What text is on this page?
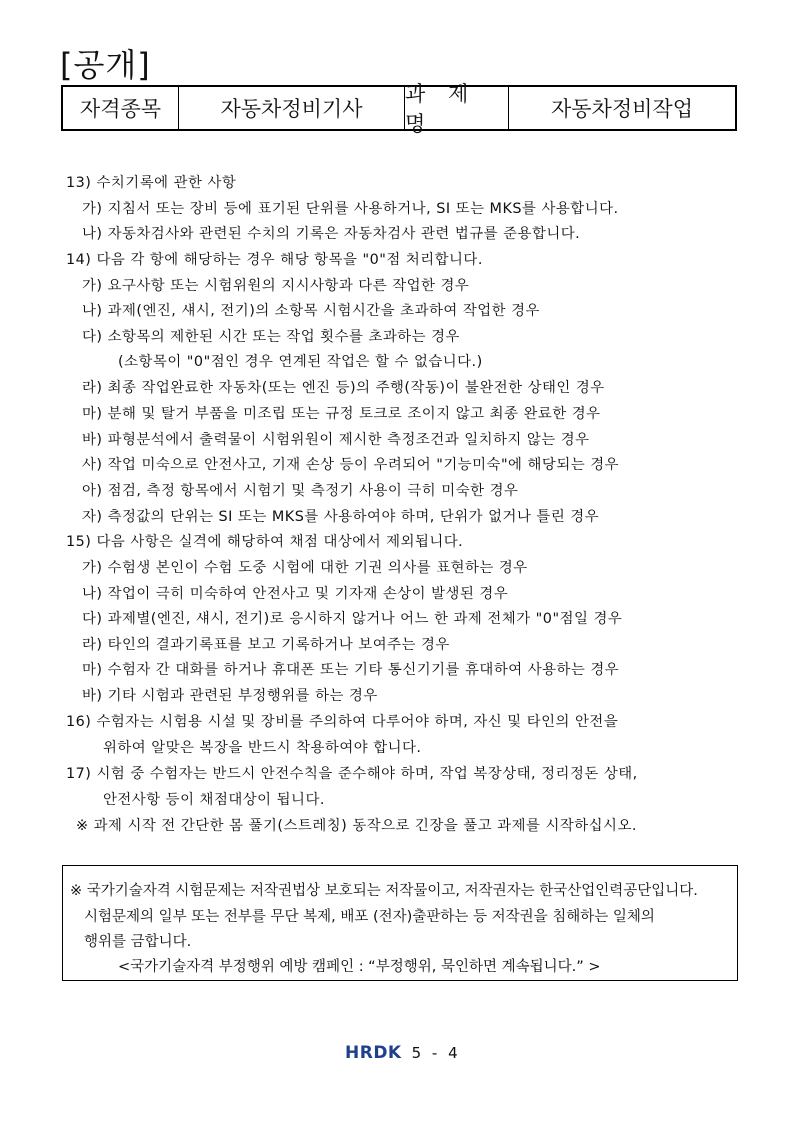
[공개]
자격종목	자동차정비기사
과 제 명
자동차정비작업
13) 수치기록에 관한 사항
가) 지침서 또는 장비 등에 표기된 단위를 사용하거나, SI 또는 MKS를 사용합니다.
나) 자동차검사와 관련된 수치의 기록은 자동차검사 관련 법규를 준용합니다.
14) 다음 각 항에 해당하는 경우 해당 항목을 "0"점 처리합니다.
가) 요구사항 또는 시험위원의 지시사항과 다른 작업한 경우
나) 과제(엔진, 섀시, 전기)의 소항목 시험시간을 초과하여 작업한 경우
다) 소항목의 제한된 시간 또는 작업 횟수를 초과하는 경우
(소항목이 "0"점인 경우 연계된 작업은 할 수 없습니다.)
라) 최종 작업완료한 자동차(또는 엔진 등)의 주행(작동)이 불완전한 상태인 경우
마) 분해 및 탈거 부품을 미조립 또는 규정 토크로 조이지 않고 최종 완료한 경우
바) 파형분석에서 출력물이 시험위원이 제시한 측정조건과 일치하지 않는 경우
사) 작업 미숙으로 안전사고, 기재 손상 등이 우려되어 "기능미숙"에 해당되는 경우
아) 점검, 측정 항목에서 시험기 및 측정기 사용이 극히 미숙한 경우
자) 측정값의 단위는 SI 또는 MKS를 사용하여야 하며, 단위가 없거나 틀린 경우
15) 다음 사항은 실격에 해당하여 채점 대상에서 제외됩니다.
가) 수험생 본인이 수험 도중 시험에 대한 기권 의사를 표현하는 경우
나) 작업이 극히 미숙하여 안전사고 및 기자재 손상이 발생된 경우
다) 과제별(엔진, 섀시, 전기)로 응시하지 않거나 어느 한 과제 전체가 "0"점일 경우
라) 타인의 결과기록표를 보고 기록하거나 보여주는 경우
마) 수험자 간 대화를 하거나 휴대폰 또는 기타 통신기기를 휴대하여 사용하는 경우
바) 기타 시험과 관련된 부정행위를 하는 경우
16) 수험자는 시험용 시설 및 장비를 주의하여 다루어야 하며, 자신 및 타인의 안전을
위하여 알맞은 복장을 반드시 착용하여야 합니다.
17) 시험 중 수험자는 반드시 안전수칙을 준수해야 하며, 작업 복장상태, 정리정돈 상태,
안전사항 등이 채점대상이 됩니다.
※ 과제 시작 전 간단한 몸 풀기(스트레칭) 동작으로 긴장을 풀고 과제를 시작하십시오.
※ 국가기술자격 시험문제는 저작권법상 보호되는 저작물이고, 저작권자는 한국산업인력공단입니다.
시험문제의 일부 또는 전부를 무단 복제, 배포 (전자)출판하는 등 저작권을 침해하는 일체의
행위를 금합니다.
<국가기술자격 부정행위 예방 캠페인 : “부정행위, 묵인하면 계속됩니다.” >
HRDK 5 - 4
